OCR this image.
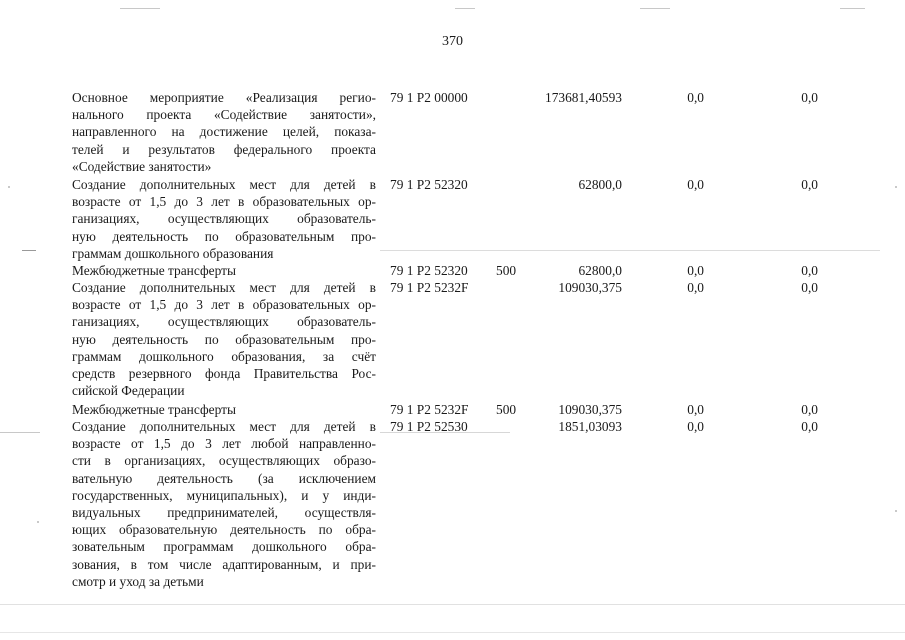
370
Основное мероприятие «Реализация регио-
нального проекта «Содействие занятости»,
направленного на достижение целей, показа-
телей и результатов федерального проекта
«Содействие занятости»
79 1 P2 00000	173681,40593	0,0	0,0
Создание дополнительных мест для детей в
возрасте от 1,5 до 3 лет в образовательных ор-
ганизациях, осуществляющих образователь-
ную деятельность по образовательным про-
граммам дошкольного образования
79 1 P2 52320	62800,0	0,0	0,0
Межбюджетные трансферты	79 1 P2 52320 500	62800,0	0,0	0,0
Создание дополнительных мест для детей в
возрасте от 1,5 до 3 лет в образовательных ор-
ганизациях, осуществляющих образователь-
ную деятельность по образовательным про-
граммам дошкольного образования, за счёт
средств резервного фонда Правительства Рос-
сийской Федерации
79 1 P2 5232F	109030,375	0,0	0,0
Межбюджетные трансферты	79 1 P2 5232F 500	109030,375	0,0	0,0
Создание дополнительных мест для детей в
возрасте от 1,5 до 3 лет любой направленно-
сти в организациях, осуществляющих образо-
вательную деятельность (за исключением
государственных, муниципальных), и у инди-
видуальных предпринимателей, осуществля-
ющих образовательную деятельность по обра-
зовательным программам дошкольного обра-
зования, в том числе адаптированным, и при-
смотр и уход за детьми
79 1 P2 52530	1851,03093	0,0	0,0
